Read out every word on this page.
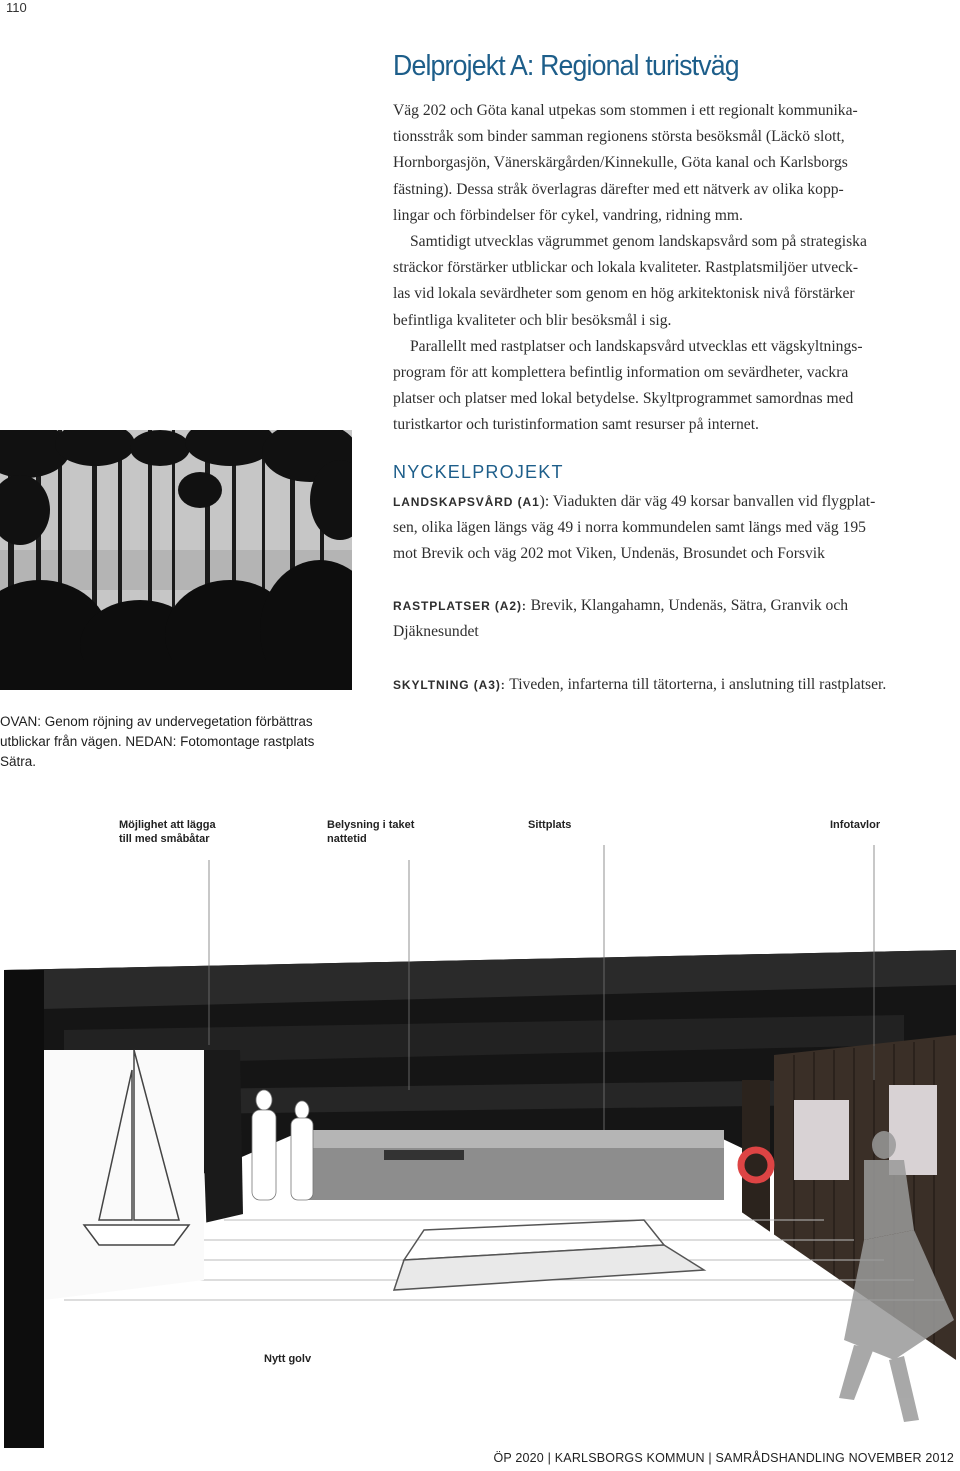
110
Delprojekt A: Regional turistväg

Väg 202 och Göta kanal utpekas som stommen i ett regionalt kommunika-
tionsstråk som binder samman regionens största besöksmål (Läckö slott,
Hornborgasjön, Vänerskärgården/Kinnekulle, Göta kanal och Karlsborgs
fästning). Dessa stråk överlagras därefter med ett nätverk av olika kopp-
lingar och förbindelser för cykel, vandring, ridning mm.

Samtidigt utvecklas vägrummet genom landskapsvård som på strategiska
sträckor förstärker utblickar och lokala kvaliteter. Rastplatsmiljöer utveck-
las vid lokala sevärdheter som genom en hög arkitektonisk nivå förstärker
befintliga kvaliteter och blir besöksmål i sig.

Parallellt med rastplatser och landskapsvård utvecklas ett vägskyltnings-
program för att komplettera befintlig information om sevärdheter, vackra
platser och platser med lokal betydelse. Skyltprogrammet samordnas med
turistkartor och turistinformation samt resurser på internet.

NYCKELPROJEKT
LANDSKAPSVÅRD (A1): Viadukten där väg 49 korsar banvallen vid flygplat-
sen, olika lägen längs väg 49 i norra kommundelen samt längs med väg 195
mot Brevik och väg 202 mot Viken, Undenäs, Brosundet och Forsvik
RASTPLATSER (A2): Brevik, Klangahamn, Undenäs, Sätra, Granvik och
Djäknesundet
SKYLTNING (A3): Tiveden, infarterna till tätorterna, i anslutning till rastplatser.
OVAN: Genom röjning av undervegetation förbättras
utblickar från vägen. NEDAN: Fotomontage rastplats
Sätra.
Möjlighet att lägga
till med småbåtar
Belysning i taket
nattetid
Sittplats	Infotavlor
Nytt golv
ÖP 2020 | KARLSBORGS KOMMUN | SAMRÅDSHANDLING NOVEMBER 2012
